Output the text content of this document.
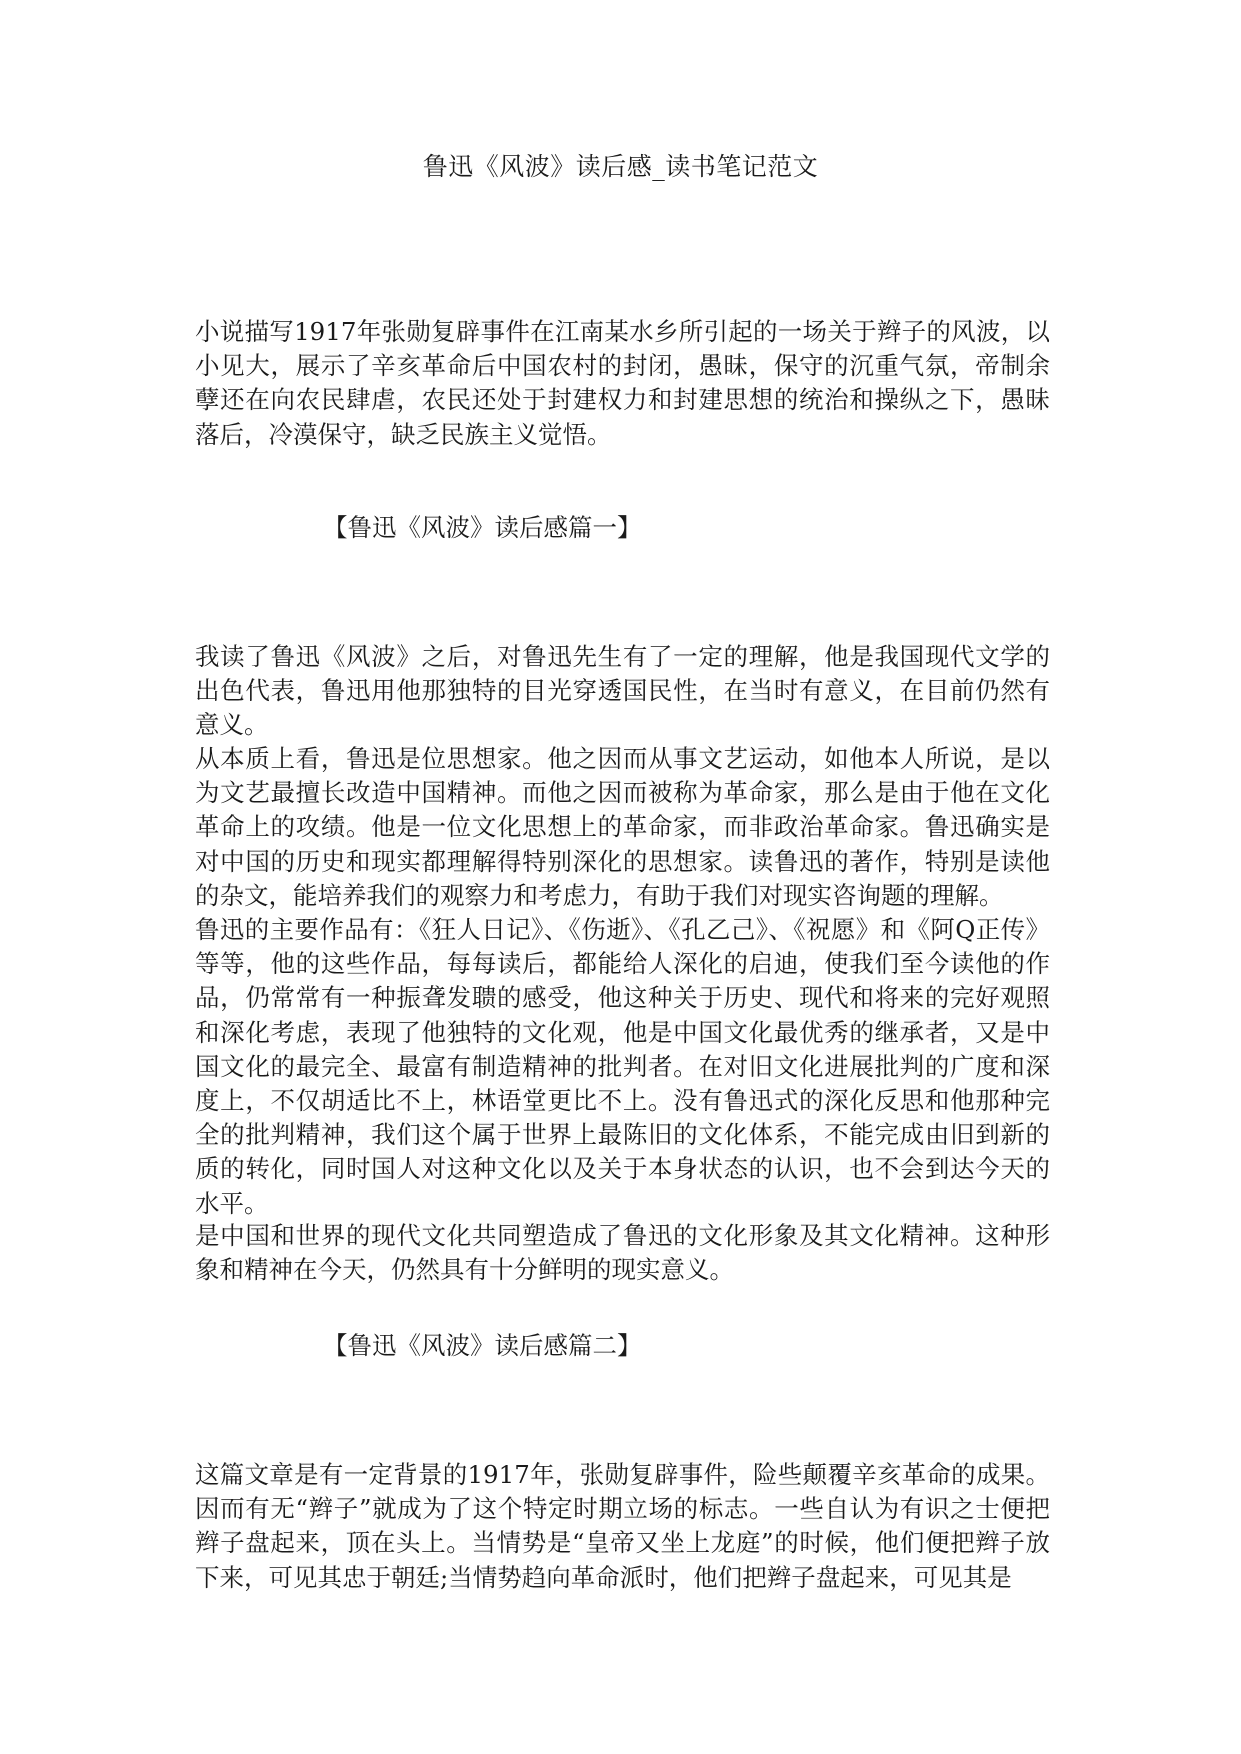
鲁迅《风波》读后感_读书笔记范文

小说描写1917年张勋复辟事件在江南某水乡所引起的一场关于辫子的风波，以小见大，展示了辛亥革命后中国农村的封闭，愚昧，保守的沉重气氛，帝制余孽还在向农民肆虐，农民还处于封建权力和封建思想的统治和操纵之下，愚昧落后，冷漠保守，缺乏民族主义觉悟。

【鲁迅《风波》读后感篇一】

我读了鲁迅《风波》之后，对鲁迅先生有了一定的理解，他是我国现代文学的出色代表，鲁迅用他那独特的目光穿透国民性，在当时有意义，在目前仍然有意义。

从本质上看，鲁迅是位思想家。他之因而从事文艺运动，如他本人所说，是以为文艺最擅长改造中国精神。而他之因而被称为革命家，那么是由于他在文化革命上的攻绩。他是一位文化思想上的革命家，而非政治革命家。鲁迅确实是对中国的历史和现实都理解得特别深化的思想家。读鲁迅的著作，特别是读他的杂文，能培养我们的观察力和考虑力，有助于我们对现实咨询题的理解。

鲁迅的主要作品有：《狂人日记》、《伤逝》、《孔乙己》、《祝愿》和《阿Q正传》等等，他的这些作品，每每读后，都能给人深化的启迪，使我们至今读他的作品，仍常常有一种振聋发聩的感受，他这种关于历史、现代和将来的完好观照和深化考虑，表现了他独特的文化观，他是中国文化最优秀的继承者，又是中国文化的最完全、最富有制造精神的批判者。在对旧文化进展批判的广度和深度上，不仅胡适比不上，林语堂更比不上。没有鲁迅式的深化反思和他那种完全的批判精神，我们这个属于世界上最陈旧的文化体系，不能完成由旧到新的质的转化，同时国人对这种文化以及关于本身状态的认识，也不会到达今天的水平。

是中国和世界的现代文化共同塑造成了鲁迅的文化形象及其文化精神。这种形象和精神在今天，仍然具有十分鲜明的现实意义。

【鲁迅《风波》读后感篇二】

这篇文章是有一定背景的1917年，张勋复辟事件，险些颠覆辛亥革命的成果。因而有无“辫子”就成为了这个特定时期立场的标志。一些自认为有识之士便把辫子盘起来，顶在头上。当情势是“皇帝又坐上龙庭”的时候，他们便把辫子放下来，可见其忠于朝廷;当情势趋向革命派时，他们把辫子盘起来，可见其是
